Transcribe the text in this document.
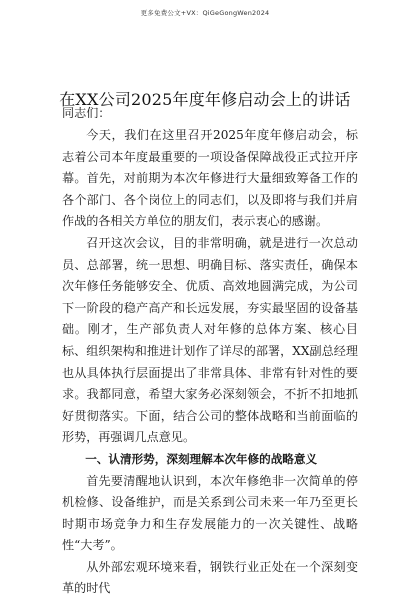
更多免费公文+VX：QiGeGongWen2024
在XX公司2025年度年修启动会上的讲话

同志们：

今天，我们在这里召开2025年度年修启动会，标志着公司本年度最重要的一项设备保障战役正式拉开序幕。首先，对前期为本次年修进行大量细致筹备工作的各个部门、各个岗位上的同志们，以及即将与我们并肩作战的各相关方单位的朋友们，表示衷心的感谢。

召开这次会议，目的非常明确，就是进行一次总动员、总部署，统一思想、明确目标、落实责任，确保本次年修任务能够安全、优质、高效地圆满完成，为公司下一阶段的稳产高产和长远发展，夯实最坚固的设备基础。刚才，生产部负责人对年修的总体方案、核心目标、组织架构和推进计划作了详尽的部署，XX副总经理也从具体执行层面提出了非常具体、非常有针对性的要求。我都同意，希望大家务必深刻领会，不折不扣地抓好贯彻落实。下面，结合公司的整体战略和当前面临的形势，再强调几点意见。

一、认清形势，深刻理解本次年修的战略意义

首先要清醒地认识到，本次年修绝非一次简单的停机检修、设备维护，而是关系到公司未来一年乃至更长时期市场竞争力和生存发展能力的一次关键性、战略性“大考”。

从外部宏观环境来看，钢铁行业正处在一个深刻变革的时代
